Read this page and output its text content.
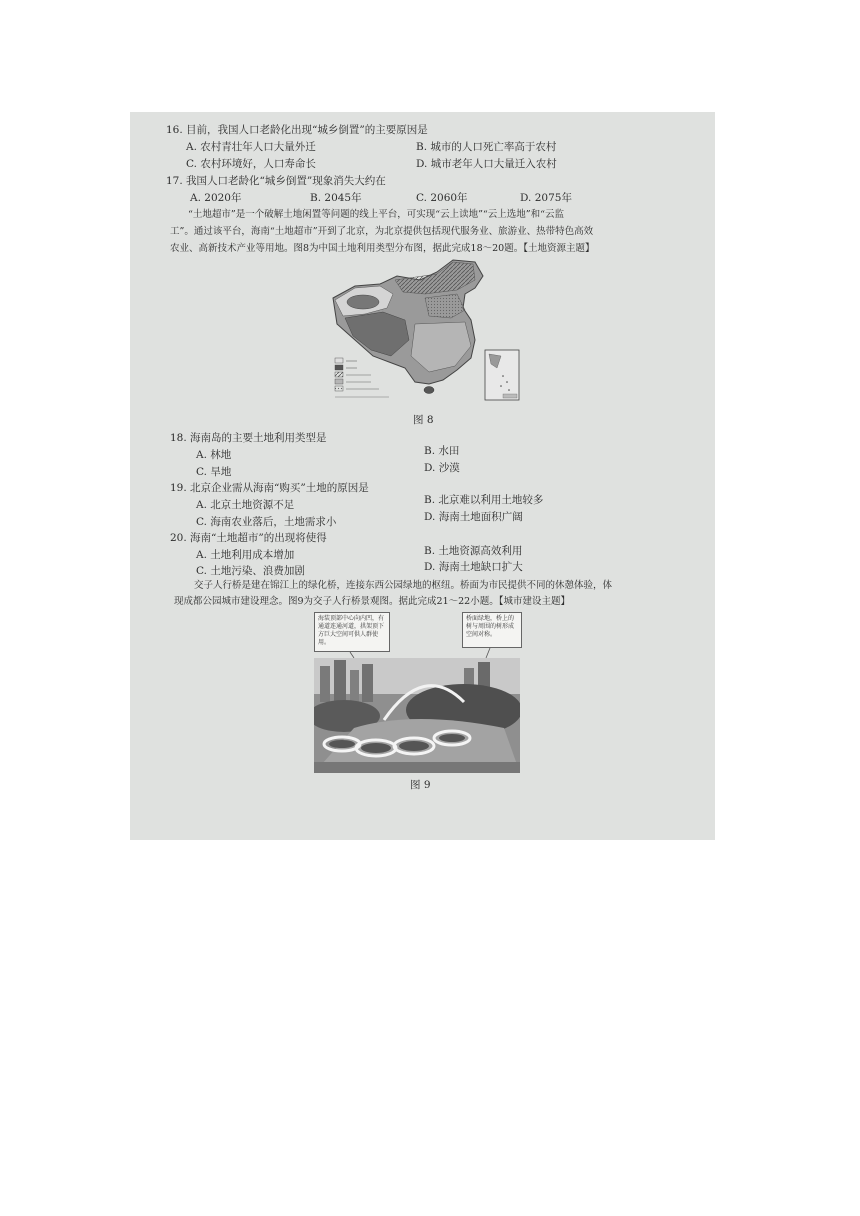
16. 目前，我国人口老龄化出现“城乡倒置”的主要原因是
A. 农村青壮年人口大量外迁	B. 城市的人口死亡率高于农村
C. 农村环境好，人口寿命长	D. 城市老年人口大量迁入农村
17. 我国人口老龄化“城乡倒置”现象消失大约在
A. 2020年	B. 2045年	C. 2060年	D. 2075年
“土地超市”是一个破解土地闲置等问题的线上平台，可实现“云上读地”“云上选地”和“云监
工”。通过该平台，海南“土地超市”开到了北京，为北京提供包括现代服务业、旅游业、热带特色高效
农业、高新技术产业等用地。图8为中国土地利用类型分布图，据此完成18～20题。【土地资源主题】
图 8
18. 海南岛的主要土地利用类型是
A. 林地	B. 水田
C. 旱地	D. 沙漠
19. 北京企业需从海南“购买”土地的原因是
A. 北京土地资源不足	B. 北京难以利用土地较多
C. 海南农业落后，土地需求小	D. 海南土地面积广阔
20. 海南“土地超市”的出现将使得
A. 土地利用成本增加	B. 土地资源高效利用
C. 土地污染、浪费加剧	D. 海南土地缺口扩大
交子人行桥是建在锦江上的绿化桥，连接东西公园绿地的枢纽。桥面为市民提供不同的休憩体验，体
现成都公园城市建设理念。图9为交子人行桥景观图。据此完成21～22小题。【城市建设主题】
海装顶部中心向内凹，有通道连通河道，拱架顶下方巨大空间可供人群使用。
桥面绿地，桥上的树与周围的树形成空间对称。
图 9
